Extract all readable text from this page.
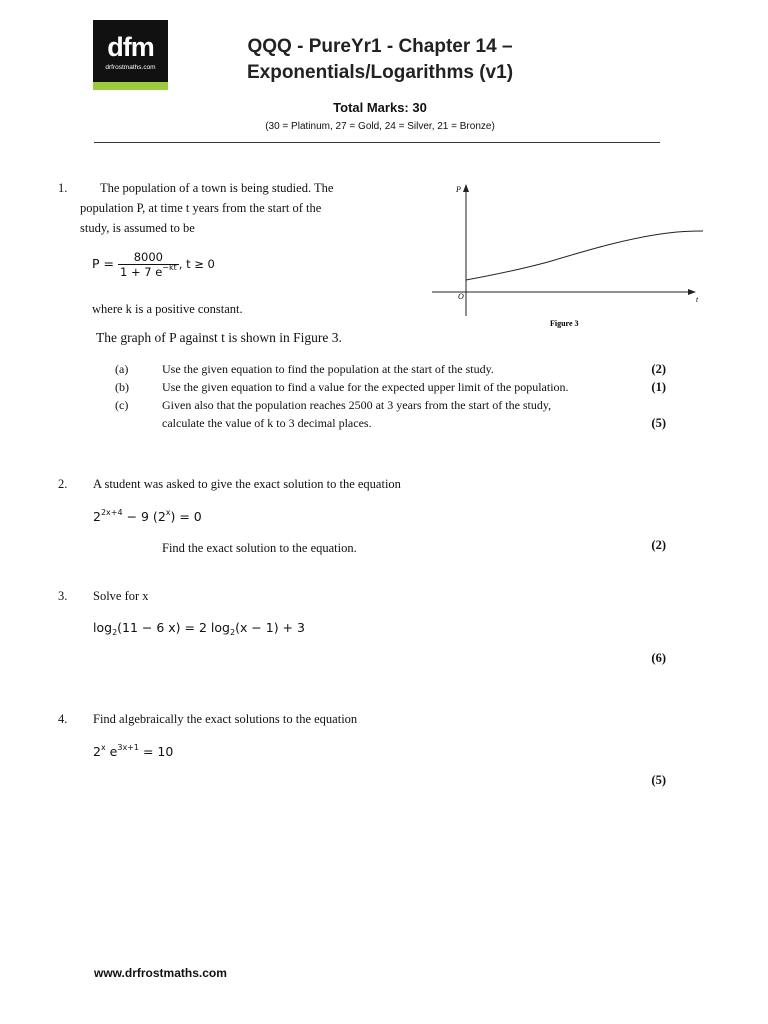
dfm
drfrostmaths.com
QQQ - PureYr1 - Chapter 14 –
Exponentials/Logarithms (v1)
Total Marks: 30
(30 = Platinum, 27 = Gold, 24 = Silver, 21 = Bronze)
1.	The population of a town is being studied. The
population P, at time t years from the start of the
study, is assumed to be
$P = \frac{8000}{1 + 7 e^{-kt}}$ , t ≥ 0
where k is a positive constant.
The graph of P against t is shown in Figure 3.
P
t
O
Figure 3
(a)	Use the given equation to find the population at the start of the study.	(2)
(b)	Use the given equation to find a value for the expected upper limit of the population.	(1)
(c)	Given also that the population reaches 2500 at 3 years from the start of the study,
calculate the value of k to 3 decimal places.	(5)
2. A student was asked to give the exact solution to the equation
$2^{2x+4} - 9$ $(2^x) = 0$
Find the exact solution to the equation.	(2)
3. Solve for x
$\log_2(11 - 6$ x) = 2 $\log_2(x - 1) + 3$
(6)
4. Find algebraically the exact solutions to the equation
2$^x$ $e^{3x+1} = 10$
(5)
www.drfrostmaths.com
